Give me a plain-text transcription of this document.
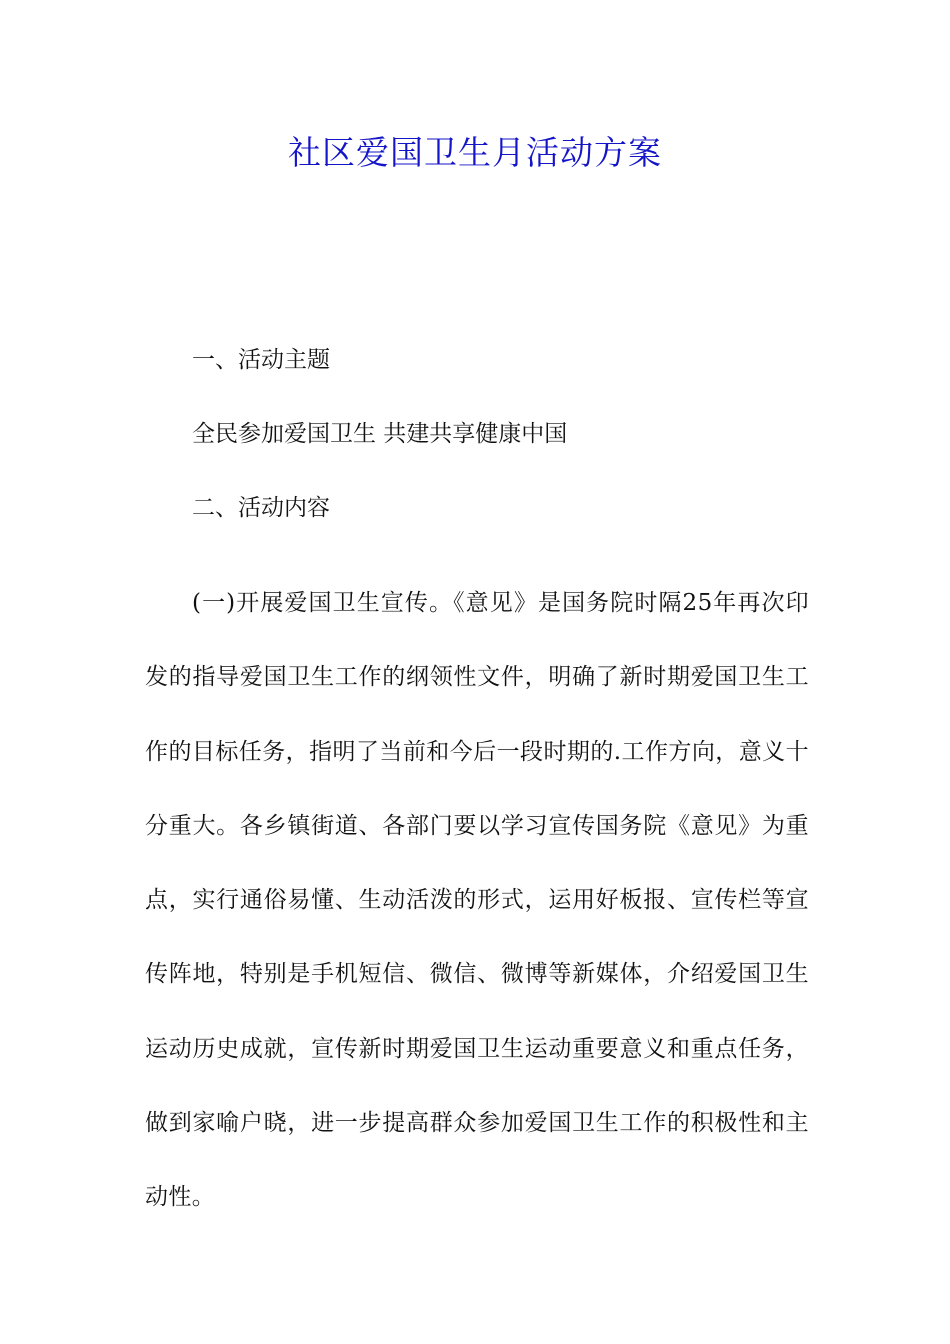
社区爱国卫生月活动方案

一、活动主题

全民参加爱国卫生 共建共享健康中国

二、活动内容

(一)开展爱国卫生宣传。《意见》是国务院时隔25年再次印发的指导爱国卫生工作的纲领性文件，明确了新时期爱国卫生工作的目标任务，指明了当前和今后一段时期的.工作方向，意义十分重大。各乡镇街道、各部门要以学习宣传国务院《意见》为重点，实行通俗易懂、生动活泼的形式，运用好板报、宣传栏等宣传阵地，特别是手机短信、微信、微博等新媒体，介绍爱国卫生运动历史成就，宣传新时期爱国卫生运动重要意义和重点任务，做到家喻户晓，进一步提高群众参加爱国卫生工作的积极性和主动性。
